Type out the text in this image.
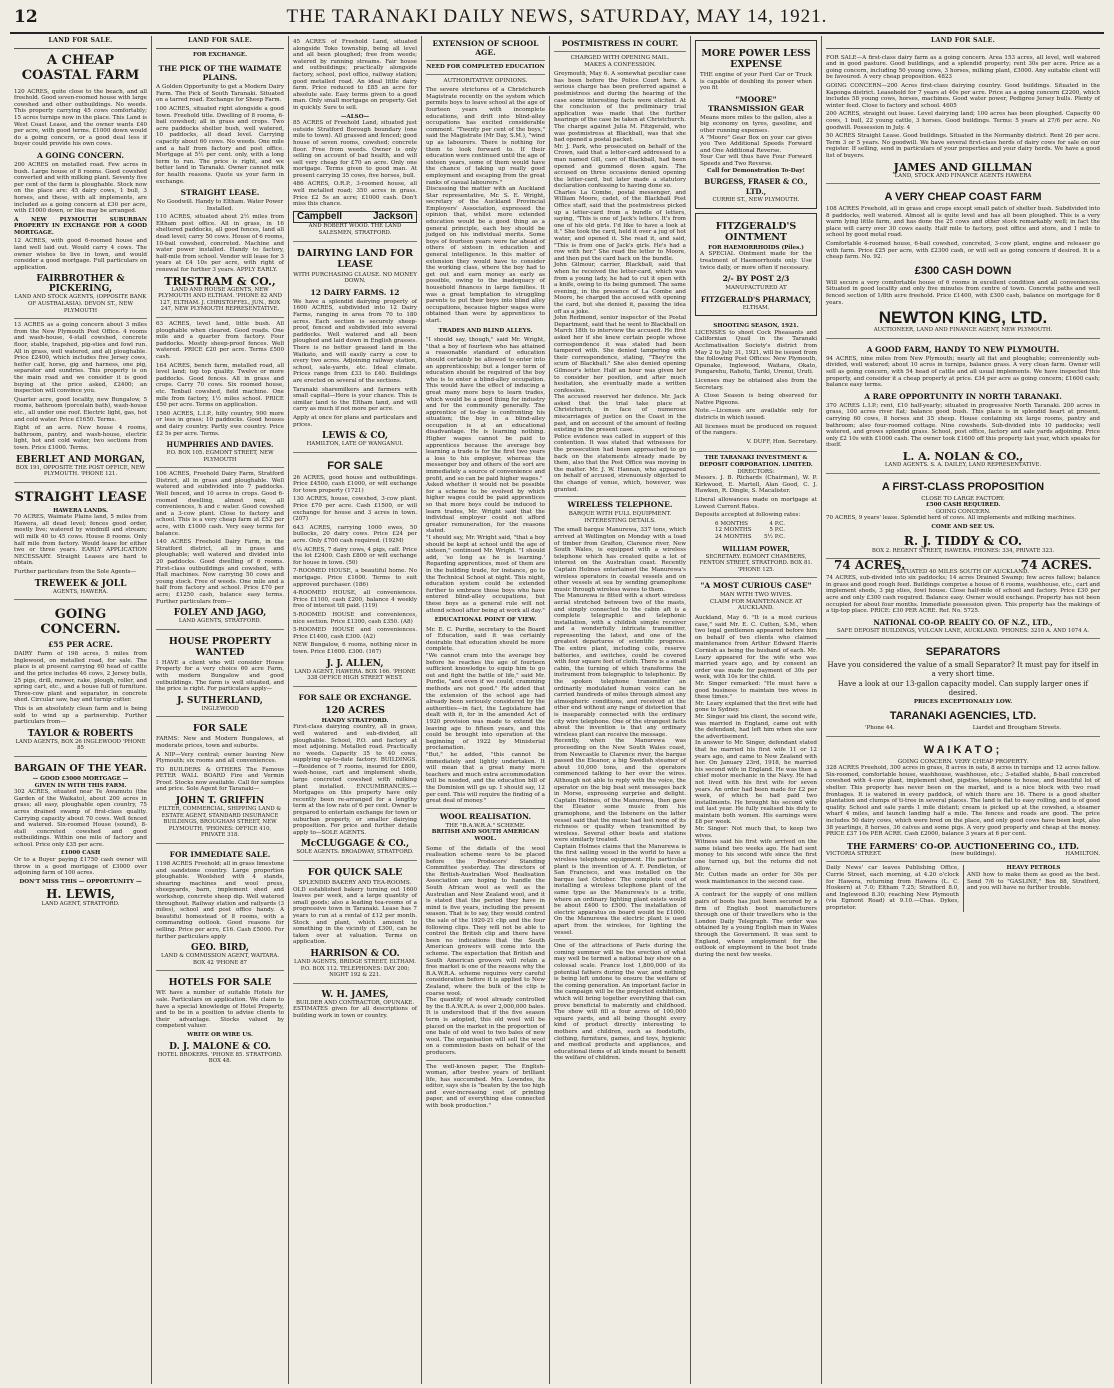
12	THE TARANAKI DAILY NEWS, SATURDAY, MAY 14, 1921.
LAND FOR SALE.
A CHEAP COASTAL FARM

120 ACRES, quite close to the beach, and all freehold. Good seven-roomed house with large cowshed and other outbuildings. No weeds. This property carrying 45 cows comfortably; 15 acres turnips now in the place. This Land is West Coast Lease, and the owner wants £40 per acre, with good terms. £1000 down would do a going concern, or a good deal less if buyer could provide his own cows.

A GOING CONCERN.

200 ACRES on metalled road. Few acres in bush. Large house of 8 rooms. Good cowshed converted and with milking plant. Seventy five per cent of the farm is ploughable. Stock now on the place are: 45 dairy cows, 1 bull, 3 horses, and these, with all implements, are included as a going concern at £30 per acre, with £1000 down, or like may be arranged.

A NEW PLYMOUTH SUBURBAN PROPERTY IN EXCHANGE FOR A GOOD MORTGAGE.

12 ACRES, with good 6-roomed house and land well laid out. Would carry 4 cows. The owner wishes to live in town, and would consider a good mortgage. Full particulars on application.

FAIRBROTHER & PICKERING,
LAND AND STOCK AGENTS, (OPPOSITE BANK OF AUSTRALASIA). DEVON ST., NEW PLYMOUTH

13 ACRES as a going concern about 3 miles from the New Plymouth Post Office. 4 rooms and wash-house, 4-stall cowshed, concrete floor, stable, trapshed, pig-sties and fowl run. All in grass, well watered, and all ploughable. Price £2400, which includes five Jersey cows, heifer calf, horse, gig and harness, one pig, separator and sundries. This property is on the main road and we consider it is good buying at the price asked, £2400; an inspection will convince you.

Quarter acre, good locality, new Bungalow, 5 rooms, bathroom (porcelain bath), wash-house etc., all under one roof. Electric light, gas, hot and cold water. Price £1650. Terms.

Eight of an acre. New house 4 rooms, bathroom, pantry, and wash-house, electric light, hot and cold water, two sections from town. Price £1000. Terms.

EBERLET AND MORGAN,
BOX 191, OPPOSITE THE POST OFFICE, NEW PLYMOUTH. 'PHONE 121.
STRAIGHT LEASE
HAWERA LANDS.

70 ACRES, Waimate Plains land, 5 miles from Hawera, all dead level; fences good order, mostly live; watered by windmill and stream; will milk 40 to 45 cows. House 8 rooms. Only half mile from factory. Would lease for either two or three years. EARLY APPLICATION NECESSARY. Straight Leases are hard to obtain.

Further particulars from the Sole Agents—

TREWEEK & JOLL
AGENTS, HAWERA.
GOING CONCERN.
£55 PER ACRE.

DAIRY Farm of 198 acres, 5 miles from Inglewood, on metalled road, for sale. The place is at present carrying 60 head of cattle and the price includes 46 cows, 2 Jersey bulls, 25 pigs, drill, mower, rake, plough, roller, and spring cart, etc., and a house full of furniture. Three-cow plant and separator, in concrete shed. Circular saw, hay and turnip cutter.

This is an absolutely clean farm and is being sold to wind up a partnership. Further particulars from—

TAYLOR & ROBERTS
LAND AGENTS, BOX 26 INGLEWOOD 'PHONE 85
BARGAIN OF THE YEAR.
— GOOD £3000 MORTGAGE —
GIVEN IN WITH THIS FARM.

302 ACRES, situated near Te Awamutu (the Garden of the Waikato), about 200 acres in grass; all easy, ploughable open country, 75 acres drained swamp of first-class quality. Carrying capacity about 70 cows. Well fenced and watered. Six-roomed House (sound), 8-stall concreted cowshed and good outbuildings. Within one mile of factory and school. Price only £35 per acre.

£1000 CASH

Or to a Buyer paying £1750 cash owner will throw in a good mortgage of £3000 over adjoining farm of 100 acres.

DON'T MISS THIS — OPPORTUNITY —
H. LEWIS,
LAND AGENT, STRATFORD.
LAND FOR SALE.
FOR EXCHANGE.
THE PICK OF THE WAIMATE PLAINS.

A Golden Opportunity to get a Modern Dairy Farm. The Pick of South Taranaki. Situated on a tarred road. Exchange for Sheep Farm.

100 ACRES, situated right alongside a good town. Freehold title. Dwelling of 8 rooms, 6-bail cowshed; all in grass and crops. Two acre paddocks shelter bush, well watered, 10 paddocks, all dead level. Carrying capacity about 60 cows. No weeds. One mile and a half from factory and post office. Mortgage at 5½ per cent. only, with a long term to run. The price is right, and we better land in Taranaki. Owner cannot milk for health reasons. Quote us your farm in exchange.

STRAIGHT LEASE.

No Goodwill. Handy to Eltham. Water Power Installed.

110 ACRES, situated about 2½ miles from Eltham post office. All in grass, in 16 sheltered paddocks, all good fences, land all dead level; carry 50 cows. House of 6 rooms, 10-bail cowshed, concreted. Machine and water power installed. Handy to factory, half-mile from school. Vendor will lease for 3 years at £4 10s per acre, with right of renewal for further 3 years. APPLY EARLY.

TRISTRAM & CO.,
LAND AND HOUSE AGENTS, NEW PLYMOUTH AND ELTHAM. 'PHONE 82 AND 127, ELTHAM. J. CHRISTOFFEL, JUN., BOX 247, NEW PLYMOUTH REPRESENTATIVE.

63 ACRES, level land, little bush. All ploughable when cleared. Good roads. One mile and a quarter from factory. Four paddocks. Mostly sheep-proof fences. Well watered. PRICE £20 per acre. Terms £500 cash.

164 ACRES, bench farm, metalled road, all level land; top top quality. Twelve or more paddocks. Good fences. All in grass and crops. Carry 70 cows. Six roomed house, etc. Tenbail cowshed, field machine. One mile from factory, 1½ miles school. PRICE £50 per acre. Terms on application.

1560 ACRES, L.I.P., hilly country, 900 more or less in grass; 10 paddocks. Good houses and dairy country. Partly ewe country. Price £2 5s per acre. Terms.

HUMPHRIES AND DAVIES.
P.O. BOX 105. EGMONT STREET, NEW PLYMOUTH

106 ACRES, Freehold Dairy Farm, Stratford District, all in grass and ploughable. Well watered and subdivided into 7 paddocks. Well fenced, and 10 acres in crops. Good 6-roomed dwelling, almost new, all conveniences, h and c water. Good cowshed and a 3-cow plant. Close to factory and school. This is a very cheap farm at £52 per acre, with £1000 cash. Very easy terms for balance.

140 ACRES Freehold Dairy Farm, in the Stratford district, all in grass and ploughable; well watered and divided into 20 paddocks. Good dwelling of 6 rooms. First-class outbuildings and cowshed, with Hall machines. Now carrying 50 cows and young stock. Free of weeds. One mile and a half from factory and school. Price £70 per acre; £1250 cash, balance easy terms. Further particulars from—

FOLEY AND JAGO,
LAND AGENTS, STRATFORD.
HOUSE PROPERTY WANTED

I HAVE a client who will consider House Property for a very choice 60 acre Farm, with modern Bungalow and good outbuildings. The farm is well situated, and the price is right. For particulars apply—

J. SUTHERLAND,
INGLEWOOD
FOR SALE

FARMS: New and Modern Bungalows, at moderate prices, town and suburbs.

A NIP—Very central; owner leaving New Plymouth; six rooms and all conveniences.

TO BUILDERS & OTHERS The Famous PETER WALL BOARD Fire and Vermin Proof. Stocks now available. Call for samples and price. Sole Agent for Taranaki—

JOHN T. GRIFFIN
FILTER, COMMERCIAL, SHIPPING LAND & ESTATE AGENT, STANDARD INSURANCE BUILDINGS, BROUGHAM STREET, NEW PLYMOUTH. 'PHONES: OFFICE 410, PRIVATE 318.
FOR IMMEDIATE SALE.

1198 ACRES Freehold; all in grass limestone and sandstone country. Large proportion ploughable. Woolshed with 4 stands, shearing machines and wool press, sheepyards, barn, implement shed and workshop, concrete sheep dip. Well watered throughout. Railway station and railyards (3 miles), school and post office handy. A beautiful homestead of 8 rooms, with a commanding outlook. Good reasons for selling. Price per acre, £16. Cash £5000. For further particulars apply

GEO. BIRD,
LAND & COMMISSION AGENT, WAITARA. BOX 42 'PHONE 87
HOTELS FOR SALE

WE have a number of suitable Hotels for sale. Particulars on application. We claim to have a special knowledge of Hotel Property, and to be in a position to advise clients to their advantage. Stocks valued by competent valuer.

WRITE OR WIRE US.
D. J. MALONE & CO.
HOTEL BROKERS. 'PHONE 85. STRATFORD. BOX 48.

45 ACRES of Freehold Land, situated alongside Toko township, being all level and all been ploughed; free from weeds; watered by running streams. Fair house and outbuildings; practically alongside factory, school, post office, railway station; good metalled road. An ideal little dairy farm. Price reduced to £85 an acre for absolute sale. Easy terms given to a good man. Only small mortgage on property. Get in quickly. Sure to sell.

—ALSO—

85 ACRES of Freehold Land, situated just outside Stratford Borough boundary (one mile to town). All grassed and fenced; good house of seven rooms, cowshed; concrete floor. Free from weeds. Owner is only selling on account of bad health, and will sell very cheap for £70 an acre. Only one mortgage. Terms given to good man. At present carrying 35 cows, five horses, bull.

486 ACRES, O.R.P., 3-roomed house, all well metalled road; 350 acres in grass. Price £2 5s an acre; £1000 cash. Don't miss this chance.

Campbell	Jackson
AND ROBERT WOOD. THE LAND SALESMEN, STRATFORD.
DAIRYING LAND FOR LEASE
WITH PURCHASING CLAUSE. NO MONEY DOWN.
12 DAIRY FARMS. 12

We have a splendid dairying property of 1600 ACRES, subdivided into 12 Dairy Farms, ranging in area from 70 to 180 acres. Each section is securely sheep-proof, fenced and subdivided into several paddocks. Well watered and all been ploughed and laid down in English grasses. There is no better grassed land in the Waikato, and will easily carry a cow to every two acres. Adjoining railway station, school, sale-yards, etc. Ideal climate. Prices range from £33 to £40. Buildings are erected on several of the sections.

Taranaki sharemilkers and farmers with small capital—Here is your chance. This is similar land to the Eltham land, and will carry as much if not more per acre.

Apply at once for plans and particulars and prices.

LEWIS & CO,
HAMILTON, LATE OF WANGANUI.
FOR SALE

26 ACRES, good house and outbuildings. Price £4500, cash £1000, or will exchange for town property (1721)

130 ACRES, house, cowshed, 3-cow plant. Price £70 per acre. Cash £1500, or will exchange for house and 3 acres in town. (207)

643 ACRES, carrying 1000 ewes, 50 bullocks, 20 dairy cows. Price £24 per acre. Only £700 cash required. (192M)

6¼ ACRES, 7 dairy cows, 4 pigs, calf. Price the lot £2400. Cash £800 or will exchange for house in town. (50)

7-ROOMED HOUSE, a beautiful home. No mortgage. Price £1600. Terms to suit approved purchaser. (186)

4-ROOMED HOUSE, all conveniences. Price £1100, cash £200, balance 4 weekly free of interest till paid. (119)

5-ROOMED HOUSE and conveniences, nice section. Price £1300, cash £350. (A8)

5-ROOMED HOUSE and conveniences. Price £1400, cash £300. (A2)

NEW Bungalow, 6 rooms, nothing nicer in town. Price £1600. £300. (167)

J. J. ALLEN,
LAND AGENT, HAWERA. BOX 166. 'PHONE 338 OFFICE HIGH STREET WEST.
FOR SALE OR EXCHANGE.
120 ACRES
HANDY STRATFORD.

First-class dairying country, all in grass, well watered and sub-divided, all ploughable. School, P.O. and factory at most adjoining. Metalled road. Practically no weeds. Capacity 35 to 40 cows, supplying up-to-date factory. BUILDINGS.—Residence of 7 rooms, insured for £800, wash-house, cart and implement sheds, large concreted cowshed with milking plant installed. ENCUMBRANCES.—Mortgages on this property have only recently been re-arranged for a lengthy term at the low rate of 6 per cent. Owner is prepared to entertain exchange for town or suburban property, or smaller dairying proposition. For price and further details apply to—SOLE AGENTS.

McCLUGGAGE & CO.,
SOLE AGENTS. BROADWAY, STRATFORD.
FOR QUICK SALE
SPLENDID BAKERY AND TEA-ROOMS.

OLD established bakery turning out 1600 loaves per week, and a large quantity of small goods; also a leading tea-rooms of a progressive town in Taranaki. Lease has 7 years to run at a rental of £12 per month. Stock and plant, which amount to something in the vicinity of £300, can be taken over at valuation. Terms on application.

HARRISON & CO.
LAND AGENTS, BRIDGE STREET, ELTHAM. P.O. BOX 112. TELEPHONES: DAY 200; NIGHT 192 & 221.
W. H. JAMES,
BUILDER AND CONTRACTOR, OPUNAKE.

ESTIMATES given for all descriptions of building work in town or country.

EXTENSION OF SCHOOL AGE.
NEED FOR COMPLETED EDUCATION
AUTHORITATIVE OPINIONS.

The severe strictures of a Christchurch Magistrate recently on the system which permits boys to leave school at the age of fourteen years with incomplete educations, and drift into blind-alley occupations has excited considerable comment. "Twenty per cent of the boys," said the Magistrate (Mr Day, S.M.), "wind up as labourers. There is nothing for them to look forward to. If their education were continued until the age of sixteen years, some of them would have the chance of taking up really good employment and escaping from the great ranks of casual labourers."

Discussing the matter with an Auckland Star representative, Mr. S. E. Wright, secretary of the Auckland Provincial Employers' Association, expressed the opinion that, whilst more extended education would be a good thing as a general principle, each boy should be judged on his individual merits. Some boys of fourteen years were far ahead of others of sixteen in education and general intelligence. In this matter of extension they would have to consider the working class, where the boy had to get out and earn money as early as possible, owing to the inadequacy of household finances in large families. It was a great temptation to struggling parents to put their boys into blind alley occupations, because higher wages were obtained than were by apprentices to start.

TRADES AND BLIND ALLEYS.

"I should say, though," said Mr. Wright, "that a boy of fourteen who has attained a reasonable standard of education should certainly be allowed to enter into an apprenticeship; but a longer term of education should be required of the boy who is to enter a blind-alley occupation. This would have the effect of inducing a great many more boys to learn trades, which would be a good thing for industry and for the community generally. The apprentice of to-day is confronting his situation; the boy in a blind-alley occupation is at an educational disadvantage. He is learning nothing. Higher wages cannot be paid to apprentices because the average boy learning a trade is for the first two years a loss to his employer, whereas the messenger boy and others of the sort are immediately a source of convenience and profit, and so can be paid higher wages."

Asked whether it would not be possible for a scheme to be evolved by which higher wages could be paid apprentices so that more boys could be induced to learn trades, Mr. Wright said that the individual employer could not afford greater remuneration, for the reasons stated.

"I should say, Mr. Wright said, "that a boy should be kept at school until the age of sixteen," continued Mr. Wright. "I should add, 'so long as he is learning.' Regarding apprentices, most of them are in the building trade, for instance, go to the Technical School at night. This night, education system could be extended further to embrace those boys who have entered blind-alley occupations, but these boys as a general rule will not attend school after being at work all day."

EDUCATIONAL POINT OF VIEW.

Mr. E. C. Purdie, secretary to the Board of Education, said it was certainly desirable that education should be more complete.

"We cannot cram into the average boy before he reaches the age of fourteen sufficient knowledge to equip him to go out and fight the battle of life," said Mr. Purdie, "and even if we could, cramming methods are not good." He added that the extension of the school age had already been seriously considered by the authorities—in fact, the Legislature had dealt with it, for in the amended Act of 1920 provision was made to extend the leaving age to fifteen years, and this could be brought into operation at the beginning of 1922 by Ministerial proclamation.

"But," he added, "this cannot be immediately and lightly undertaken. It will mean that a great many more teachers and much extra accommodation will be needed, and the education bill of the Dominion will go up. I should say, 12 per cent. This will require the finding of a great deal of money."

WOOL REALISATION.
THE "B.A.W.R.A." SCHEME.
BRITISH AND SOUTH AMERICAN WOOL.

Some of the details of the wool realisation scheme were to be placed before the Producers' Standing Committee yesterday. The directors of the British-Australian Wool Realisation Association are hoping to handle the South African wool as well as the Australian and New Zealand wool, and it is stated that the period they have in mind is five years, including the present season. That is to say, they would control the sale of the 1920-21 clip and the four following clips. They will not be able to control the British clip and there have been no indications that the South American growers will come into the scheme. The expectation that British and South American growers will retain a free market is one of the reasons why the B.A.W.R.A. scheme requires very careful consideration before it is applied to New Zealand, where the bulk of the clip is coarse wool.

The quantity of wool already controlled by the B.A.W.R.A. is over 2,000,000 bales. It is understood that if the five season term is adopted, this old wool will be placed on the market in the proportion of one bale of old wool to two bales of new wool. The organisation will sell the wool on a commission basis on behalf of the producers.

The well-known paper, The English-woman, after twelve years of brilliant life, has succumbed. Mrs. Lowndes, its editor, says she is "beaten by the too high and ever-increasing cost of printing paper, and of everything else connected with book production."

POSTMISTRESS IN COURT.
CHARGED WITH OPENING MAIL.
MAKES A CONFESSION.

Greymouth, May 6. A somewhat peculiar case has been before the Police Court here. A serious charge has been preferred against a postmistress and during the hearing of the case some interesting facts were elicited. At the conclusion of the preliminary trial application was made that the further hearings of the case be taken at Christchurch. The charge against Julia M. Fitzgerald, who was postmistress at Blackball, was that she had opened a postal packet.

Mr. J. Park, who prosecuted on behalf of the Crown, said that a letter-card addressed to a man named Gill, care of Blackball, had been opened and gummed down again. The accused on three occasions denied opening the letter-card, but later made a statutory declaration confessing to having done so.

Charles La Combe, postal messenger, and William Moore, cadet, of the Blackball Post Office staff, said that the postmistress picked up a letter-card from a bundle of letters, saying, "This is one of Jack's letters. It's from one of his old girls. I'd like to have a look at it." She took the card, held it over a jug of hot water, and opened it. She read it, and said, "This is from one of Jack's girls. He's had a row with her." She read the letter to Moore, and then put the card back on the bundle.

John Gilmour, carrier, Blackball, said that when he received the letter-card, which was from a young lady, he had to cut it open with a knife, owing to its being gummed. The same evening, in the presence of La Combe and Moore, he charged the accused with opening the card, but she denied it, passing the idea off as a joke.

John Redmond, senior inspector of the Postal Department, said that he went to Blackball on March 18th to interview the accused. He first asked her if she knew certain people whose correspondence it was stated had been tampered with. She denied tampering with their correspondence, stating, "They're the scum of Blackball." She also denied opening Gilmour's letter. Half an hour was given her to consider her position, and after much hesitation, she eventually made a written confession.

The accused reserved her defence. Mr. Jack asked that the trial take place at Christchurch, in face of numerous miscarriages of justice on the Coast in the past, and on account of the amount of feeling existing in the present case.

Police evidence was called in support of this contention. It was stated that witnesses for the prosecution had been approached to go back on the statements already made by them, also that the Post Office was moving in the matter. Mr. J. W. Hannan, who appeared on behalf of accused, strenuously objected to the change of venue, which, however, was granted.

WIRELESS TELEPHONE.
BARQUE WITH FULL EQUIPMENT.
INTERESTING DETAILS.

The small barque Manurewa, 337 tons, which arrived at Wellington on Monday with a load of timber from Grafton, Clarence river, New South Wales, is equipped with a wireless telephone which has created quite a lot of interest on the Australian coast. Recently Captain Holmes entertained the Manurewa's wireless operators in coastal vessels and on other vessels at sea by sending gramophone music through wireless waves to them.

The Manurewa is fitted with a short wireless aerial stretched between two of the masts, and simply connected to the cabin aft is a complete telegraphic and telephonic installation, with a childish simple receiver and a wonderfully intricate transmitter, representing the latest, and one of the greatest departures of scientific progress. The entire plant, including coils, reserve batteries, and switches, could be covered with four square feet of cloth. There is a small cabin, the turning of which transforms the instrument from telegraphic to telephonic. By the spoken telephone transmitter an ordinarily modulated human voice can be carried hundreds of miles through almost any atmospheric conditions, and received at the other end without any range of distortion that is inseparably connected with the ordinary city wire telephone. One of the strangest facts about the invention is that any ordinary wireless plant can receive the message.

Recently, when the Manurewa was proceeding on the New South Wales coast, from Newcastle to Clarence river, the barque passed the Eleanor, a big Swedish steamer of about 10,000 tons, and the operators commenced talking to her over the wires. Although not able to reply with the voice, the operator on the big boat sent messages back in Morse, expressing surprise and delight. Captain Holmes, of the Manurewa, then gave the Eleanor some music from his gramophone, and the listeners on the latter vessel said that the music had lost none of its richness or quality when transmitted by wireless. Several other boats and stations were similarly treated.

Captain Holmes claims that the Manurewa is the first sailing vessel in the world to have a wireless telephone equipment. His particular plant is the invention of A. F. Pendleton, of San Francisco, and was installed on the barque last October. The complete cost of installing a wireless telephone plant of the same type as the Manurewa's is a trifle, where an ordinary lighting plant exists would be about £400 to £500. The installation of electric apparatus on board would be £1000. On the Manurewa the electric plant is used apart from the wireless, for lighting the vessel.

One of the attractions of Paris during the coming summer will be the erection of what may well be termed a national bay show on a colossal scale. France lost 1,800,000 of its potential fathers during the war, and nothing is being left undone to ensure the welfare of the coming generation. An important factor in the campaign will be the projected exhibition, which will bring together everything that can prove beneficial to maternity and childhood. The show will fill a four acres of 100,000 square yards, and all being thought every kind of product directly interesting to mothers and children, such as foodstuffs, clothing, furniture, games, and toys, hygienic and medical products and appliances, and educational items of all kinds meant to benefit the welfare of children.

MORE POWER LESS EXPENSE

THE engine of your Ford Car or Truck is capable of doubling its power when you fit

"MOORE" TRANSMISSION GEAR

Means more miles to the gallon, also a big economy on tyres, gasoline, and other running expenses.

A "Moore" Gear Box on your car gives you Two Additional Speeds Forward and One Additional Reverse.

Your Car will thus have Four Forward Speeds and Two Reverse.

Call for Demonstration To-Day!

BURGESS, FRASER & CO., LTD.,
CURRIE ST., NEW PLYMOUTH.
FITZGERALD'S OINTMENT
FOR HAEMORRHOIDS (Piles.)

A SPECIAL Ointment made for the treatment of Haemorrhoids only. Use twice daily, or more often if necessary.

2/- BY POST 2/3
MANUFACTURED AT
FITZGERALD'S PHARMACY,
ELTHAM.
SHOOTING SEASON, 1921.

LICENSES to shoot Cock Pheasants and Californian Quail in the Taranaki Acclimatisation Society's district from May 2 to July 31, 1921, will be issued from the following Post Offices: New Plymouth, Opunake, Inglewood, Waitara, Okato, Pungarehu, Rahotu, Tariki, Urenui, Uruti.

Licenses may be obtained also from the Secretary.

A Close Season is being observed for Native Pigeons.

Note.—Licenses are available only for districts in which issued.

All licenses must be produced on request of the rangers.

V. DUFF, Hon. Secretary.

THE TARANAKI INVESTMENT & DEPOSIT CORPORATION. LIMITED.
DIRECTORS:

Messrs. J. B. Richards (Chairman), W. P. Kirkwood, E. Martell, Alan Good, C. J. Hawken, R. Dingle, S. Macalister.

Liberal allowances made on mortgage at Lowest Current Rates.

Deposits accepted at following rates:

6 MONTHS	4 P.C.
12 MONTHS	5 P.C.
24 MONTHS 5½ P.C.
WILLIAM POWER,
SECRETARY. EGMONT CHAMBERS, FENTON STREET, STRATFORD. BOX 81. 'PHONE 125.
"A MOST CURIOUS CASE"
MAN WITH TWO WIVES.
CLAIM FOR MAINTENANCE AT AUCKLAND.

Auckland, May 6. "It is a most curious case," said Mr. E. C. Cutten, S.M., when two legal gentlemen appeared before him on behalf of two clients who claimed maintenance from Arthur Edward Harris Cornish as being the husband of each. Mr. Leary appeared for the wife who was married years ago, and by consent an order was made for payment of 30s per week, with 10s for the child.

Mr. Singer remarked: "He must have a good business to maintain two wives in these times."

Mr. Leary explained that the first wife had gone to Sydney.

Mr. Singer said his client, the second wife, was married in England, came out with the defendant, had left him when she saw the advertisement.

In answer to Mr. Singer, defendant stated that he married his first wife 11 or 12 years ago, and came to New Zealand with her. On January 23rd, 1918, he married his second wife in England. He was then a chief motor mechanic in the Navy. He had not lived with his first wife for seven years. An order had been made for £2 per week, of which he had paid two installments. He brought his second wife out last year. He fully realised his duty to maintain both women. His earnings were £8 per week.

Mr. Singer: Not much that, to keep two wives.

Witness said his first wife arrived on the same island two weeks ago. He had sent money to his second wife since the first one turned up, but the returns did not allow.

Mr. Cutten made an order for 30s per week maintenance in the second case.

A contract for the supply of one million pairs of boots has just been secured by a firm of English boot manufacturers through one of their travellers who is the London Daily Telegraph. The order was obtained by a young English man in Wales through the Government. It was sent to England, where employment for the outlook of employment in the boot trade during the next few weeks.

LAND FOR SALE.

FOR SALE—A first-class dairy farm as a going concern. Area 153 acres, all level, well watered and in good pasture. Good buildings, and a splendid property; rent 30s per acre. Price as a going concern, including 50 young cows, 3 horses, milking plant, £3000. Any suitable client will be favoured. A very cheap proposition. 4823

GOING CONCERN—200 Acres first-class dairying country. Good buildings. Situated in the Kaponga district. Leasehold for 7 years at 40s per acre. Price as a going concern £2200, which includes 58 young cows, horses, machines. Good water power, Pedigree Jersey bulls. Plenty of winter feed. Close to factory and school. 4605

200 ACRES, straight out lease. Level dairying land; 100 acres has been ploughed. Capacity 60 cows, 1 bull, 22 young cattle, 3 horses. Good buildings. Terms: 5 years at 27/6 per acre. No goodwill. Possession in July. 4

50 ACRES Straight Lease. Good buildings. Situated in the Normanby district. Rent 26 per acre. Term 3 or 5 years. No goodwill. We have several first-class herds of dairy cows for sale on our register. If selling, send in particulars of your properties and your dairy herds. We have a good list of buyers.

JAMES AND GILLMAN
LAND, STOCK AND FINANCE AGENTS HAWERA
A VERY CHEAP COAST FARM

108 ACRES Freehold, all in grass and crops except small patch of shelter bush. Subdivided into 8 paddocks, well watered. Almost all is quite level and has all been ploughed. This is a very warm lying little farm, and has done the 25 cows and other stock remarkably well; in fact the place will carry over 30 cows easily. Half mile to factory, post office and store, and 1 mile to school by good metal road.

Comfortable 4-roomed house, 6-bail cowshed, concreted, 3-cow plant, engine and releaser go with farm. Price £25 per acre, with £2300 cash, or will sell as going concern if desired. It is a cheap farm. No. 92.

£300 CASH DOWN

Will secure a very comfortable house of 6 rooms in excellent condition and all conveniences. Situated in good locality and only five minutes from centre of town. Concrete paths and well fenced section of 1/8th acre freehold. Price £1400, with £300 cash, balance on mortgage for 8 years.

NEWTON KING, LTD.
AUCTIONEER, LAND AND FINANCE AGENT, NEW PLYMOUTH.
A GOOD FARM, HANDY TO NEW PLYMOUTH.

94 ACRES, nine miles from New Plymouth; nearly all flat and ploughable; conveniently sub-divided, well watered; about 10 acres in turnips, balance grass. A very clean farm. Owner will sell as going concern, with 54 head of cattle and all usual implements. We have inspected this property, and consider it a cheap property at price. £34 per acre as going concern; £1600 cash; balance easy terms.

A RARE OPPORTUNITY IN NORTH TARANAKI.

370 ACRES L.I.P.; rent, £10 half-yearly; situated in progressive North Taranaki. 200 acres in grass, 100 acres river flat; balance good bush. This place is in splendid heart at present, carrying 60 cows, 8 horses and 35 sheep. House containing six large rooms, pantry and bathroom; also four-roomed cottage. Nine cowsheds. Sub-divided into 10 paddocks; well watered, and grows splendid grass. School, post office, factory and sale yards adjoining. Price only £2 10s with £1000 cash. The owner took £1600 off this property last year, which speaks for itself.

L. A. NOLAN & CO.,
LAND AGENTS. S. A. DAILEY, LAND REPRESENTATIVE.
A FIRST-CLASS PROPOSITION
CLOSE TO LARGE FACTORY.
£500 CASH REQUIRED.
GOING CONCERN.

70 ACRES, 9 years' lease. Splendid herd of cows. All implements and milking machines.

COME AND SEE US.
R. J. TIDDY & CO.
BOX 2. REGENT STREET, HAWERA. PHONES: 334, PRIVATE 323.
74 ACRES.	74 ACRES.
SITUATED 40 MILES SOUTH OF AUCKLAND.

74 ACRES, sub-divided into six paddocks; 14 acres Drained Swamp; few acres fallow; balance in grass and good rough feed. Buildings comprise a house of 6 rooms, washhouse, etc., cart and implement sheds, 3 pig sties, fowl house. Close half-mile of school and factory. Price £30 per acre and only £300 cash required. Balance easy. Owner would exchange. Property has not been occupied for about four months. Immediate possession given. This property has the makings of a tip-top place. PRICE: £30 PER ACRE. Ref. No. 5725.

NATIONAL CO-OP. REALTY CO. OF N.Z., LTD.,
SAFE DEPOSIT BUILDINGS, VULCAN LANE, AUCKLAND. 'PHONES: 3210 A. AND 1074 A.
SEPARATORS

Have you considered the value of a small Separator? It must pay for itself in a very short time.

Have a look at our 13-gallon capacity model. Can supply larger ones if desired.

PRICES EXCEPTIONALLY LOW.
TARANAKI AGENCIES, LTD.
'Phone 44.	Liardet and Brougham Streets.
WAIKATO;
GOING CONCERN. VERY CHEAP PROPERTY.

328 ACRES Freehold, 300 acres in grass, 8 acres in oats, 8 acres in turnips and 12 acres fallow. Six-roomed, comfortable house, washhouse, washhouse, etc.; 3-stalled stable, 8-bail concreted cowshed with 4-cow plant, implement shed, pigsties, telephone to house, and beautiful lot of shelter. This property has never been on the market, and is a nice block with two road frontages. It is watered in every paddock, of which there are 16. There is a good shelter plantation and clumps of ti-tree in several places. The land is flat to easy rolling, and is of good quality. School and sale yards 1 mile distant; cream is picked up at the cowshed, a steamer wharf 4 miles, and launch landing half a mile. The fences and roads are good. The price includes 50 dairy cows, which were bred on the place, and only good cows have been kept, also 38 yearlings, 8 horses, 36 calves and some pigs. A very good property and cheap at the money. PRICE £37 10s PER ACRE. Cash £2000, balance 3 years at 6 per cent.

THE FARMERS' CO-OP. AUCTIONEERING CO., LTD.
VICTORIA STREET.	(new buildings).	HAMILTON.

Daily News' car leaves Publishing Office, Currie Street, each morning, at 4.20 o'clock for Hawera, returning from Hawera (L. C. Hoskern) at 7.0; Eltham 7.25; Stratford 8.0, and Inglewood 8.30; reaching New Plymouth (via Egmont Road) at 9.10.—Chas. Dykes, proprietor.

HEAVY PETROLS

AND how to make them as good as the best. Send 7/6 to "GASLINE," Box 88, Stratford, and you will have no further trouble.
